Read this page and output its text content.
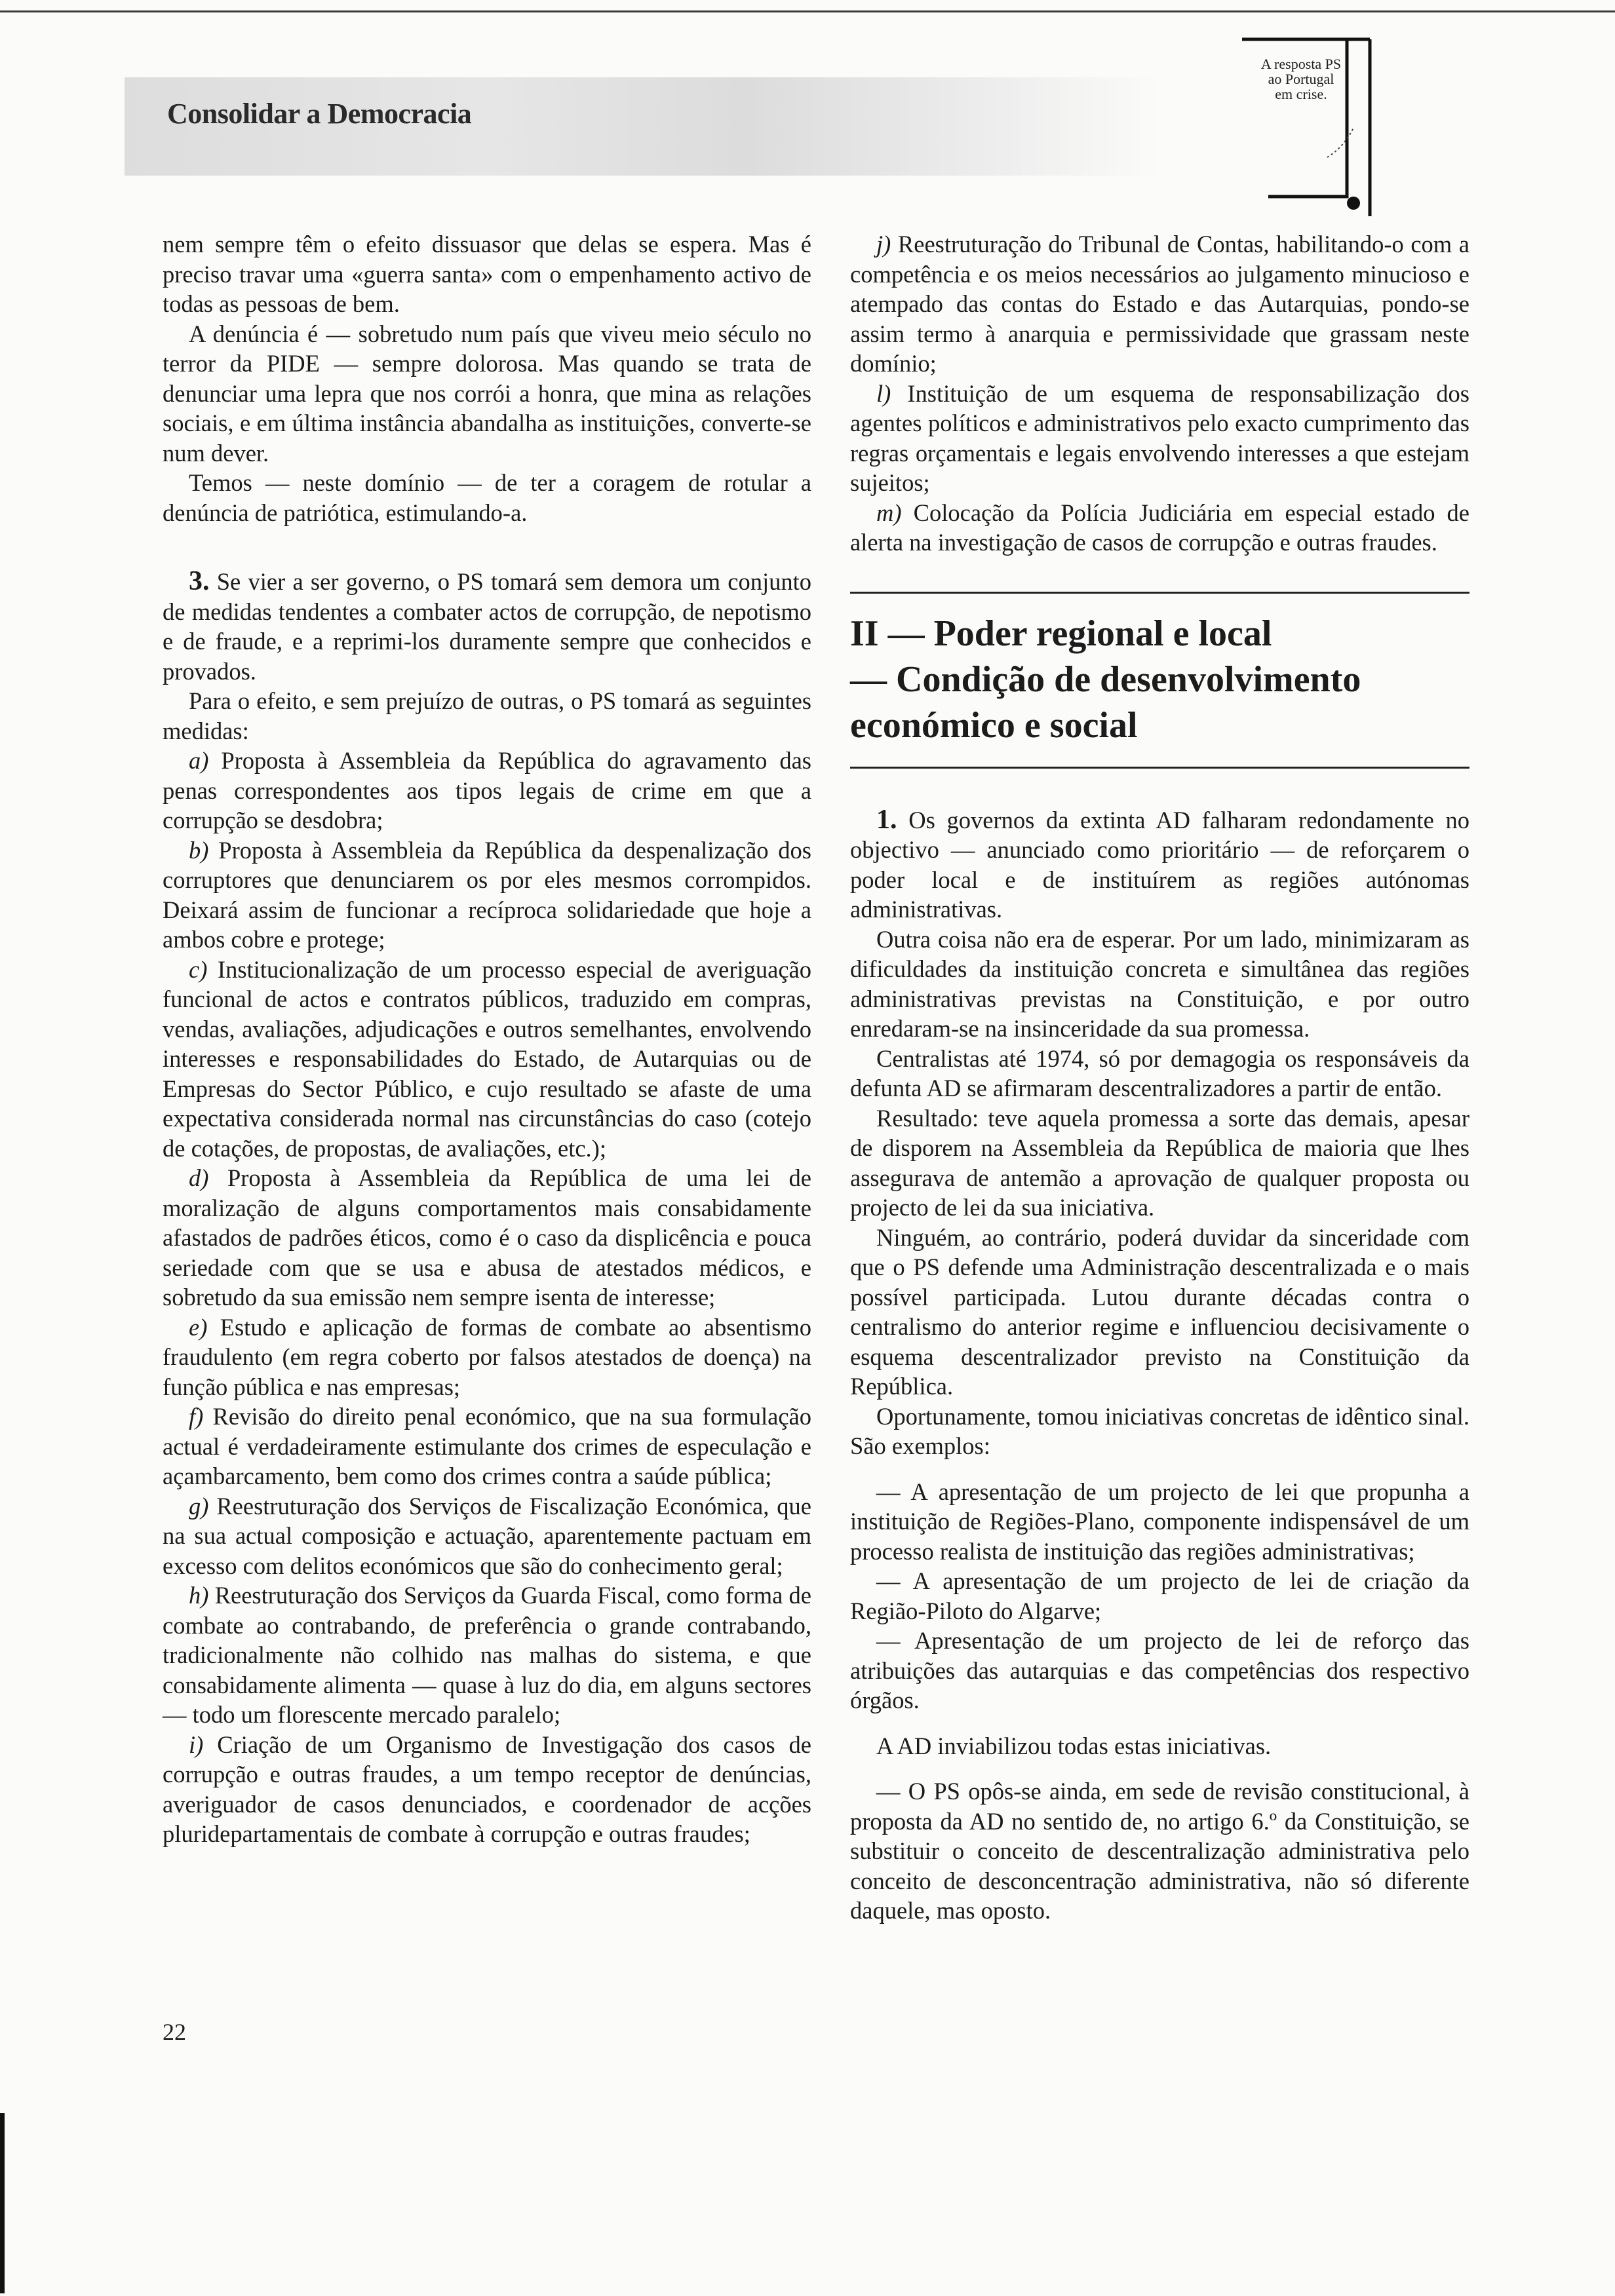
Consolidar a Democracia
A resposta PS
ao Portugal
em crise.

nem sempre têm o efeito dissuasor que delas se espera. Mas é preciso travar uma «guerra santa» com o empenhamento activo de todas as pessoas de bem.

A denúncia é — sobretudo num país que viveu meio século no terror da PIDE — sempre dolorosa. Mas quando se trata de denunciar uma lepra que nos corrói a honra, que mina as relações sociais, e em última instância abandalha as instituições, converte-se num dever.

Temos — neste domínio — de ter a coragem de rotular a denúncia de patriótica, estimulando-a.

3. Se vier a ser governo, o PS tomará sem demora um conjunto de medidas tendentes a combater actos de corrupção, de nepotismo e de fraude, e a reprimi-los duramente sempre que conhecidos e provados.

Para o efeito, e sem prejuízo de outras, o PS tomará as seguintes medidas:

a) Proposta à Assembleia da República do agravamento das penas correspondentes aos tipos legais de crime em que a corrupção se desdobra;

b) Proposta à Assembleia da República da despenalização dos corruptores que denunciarem os por eles mesmos corrompidos. Deixará assim de funcionar a recíproca solidariedade que hoje a ambos cobre e protege;

c) Institucionalização de um processo especial de averiguação funcional de actos e contratos públicos, traduzido em compras, vendas, avaliações, adjudicações e outros semelhantes, envolvendo interesses e responsabilidades do Estado, de Autarquias ou de Empresas do Sector Público, e cujo resultado se afaste de uma expectativa considerada normal nas circunstâncias do caso (cotejo de cotações, de propostas, de avaliações, etc.);

d) Proposta à Assembleia da República de uma lei de moralização de alguns comportamentos mais consabidamente afastados de padrões éticos, como é o caso da displicência e pouca seriedade com que se usa e abusa de atestados médicos, e sobretudo da sua emissão nem sempre isenta de interesse;

e) Estudo e aplicação de formas de combate ao absentismo fraudulento (em regra coberto por falsos atestados de doença) na função pública e nas empresas;

f) Revisão do direito penal económico, que na sua formulação actual é verdadeiramente estimulante dos crimes de especulação e açambarcamento, bem como dos crimes contra a saúde pública;

g) Reestruturação dos Serviços de Fiscalização Económica, que na sua actual composição e actuação, aparentemente pactuam em excesso com delitos económicos que são do conhecimento geral;

h) Reestruturação dos Serviços da Guarda Fiscal, como forma de combate ao contrabando, de preferência o grande contrabando, tradicionalmente não colhido nas malhas do sistema, e que consabidamente alimenta — quase à luz do dia, em alguns sectores — todo um florescente mercado paralelo;

i) Criação de um Organismo de Investigação dos casos de corrupção e outras fraudes, a um tempo receptor de denúncias, averiguador de casos denunciados, e coordenador de acções pluridepartamentais de combate à corrupção e outras fraudes;

22

j) Reestruturação do Tribunal de Contas, habilitando-o com a competência e os meios necessários ao julgamento minucioso e atempado das contas do Estado e das Autarquias, pondo-se assim termo à anarquia e permissividade que grassam neste domínio;

l) Instituição de um esquema de responsabilização dos agentes políticos e administrativos pelo exacto cumprimento das regras orçamentais e legais envolvendo interesses a que estejam sujeitos;

m) Colocação da Polícia Judiciária em especial estado de alerta na investigação de casos de corrupção e outras fraudes.

II — Poder regional e local
— Condição de desenvolvimento
económico e social

1. Os governos da extinta AD falharam redondamente no objectivo — anunciado como prioritário — de reforçarem o poder local e de instituírem as regiões autónomas administrativas.

Outra coisa não era de esperar. Por um lado, minimizaram as dificuldades da instituição concreta e simultânea das regiões administrativas previstas na Constituição, e por outro enredaram-se na insinceridade da sua promessa.

Centralistas até 1974, só por demagogia os responsáveis da defunta AD se afirmaram descentralizadores a partir de então.

Resultado: teve aquela promessa a sorte das demais, apesar de disporem na Assembleia da República de maioria que lhes assegurava de antemão a aprovação de qualquer proposta ou projecto de lei da sua iniciativa.

Ninguém, ao contrário, poderá duvidar da sinceridade com que o PS defende uma Administração descentralizada e o mais possível participada. Lutou durante décadas contra o centralismo do anterior regime e influenciou decisivamente o esquema descentralizador previsto na Constituição da República.

Oportunamente, tomou iniciativas concretas de idêntico sinal. São exemplos:

— A apresentação de um projecto de lei que propunha a instituição de Regiões-Plano, componente indispensável de um processo realista de instituição das regiões administrativas;

— A apresentação de um projecto de lei de criação da Região-Piloto do Algarve;

— Apresentação de um projecto de lei de reforço das atribuições das autarquias e das competências dos respectivo órgãos.

A AD inviabilizou todas estas iniciativas.

— O PS opôs-se ainda, em sede de revisão constitucional, à proposta da AD no sentido de, no artigo 6.º da Constituição, se substituir o conceito de descentralização administrativa pelo conceito de desconcentração administrativa, não só diferente daquele, mas oposto.
